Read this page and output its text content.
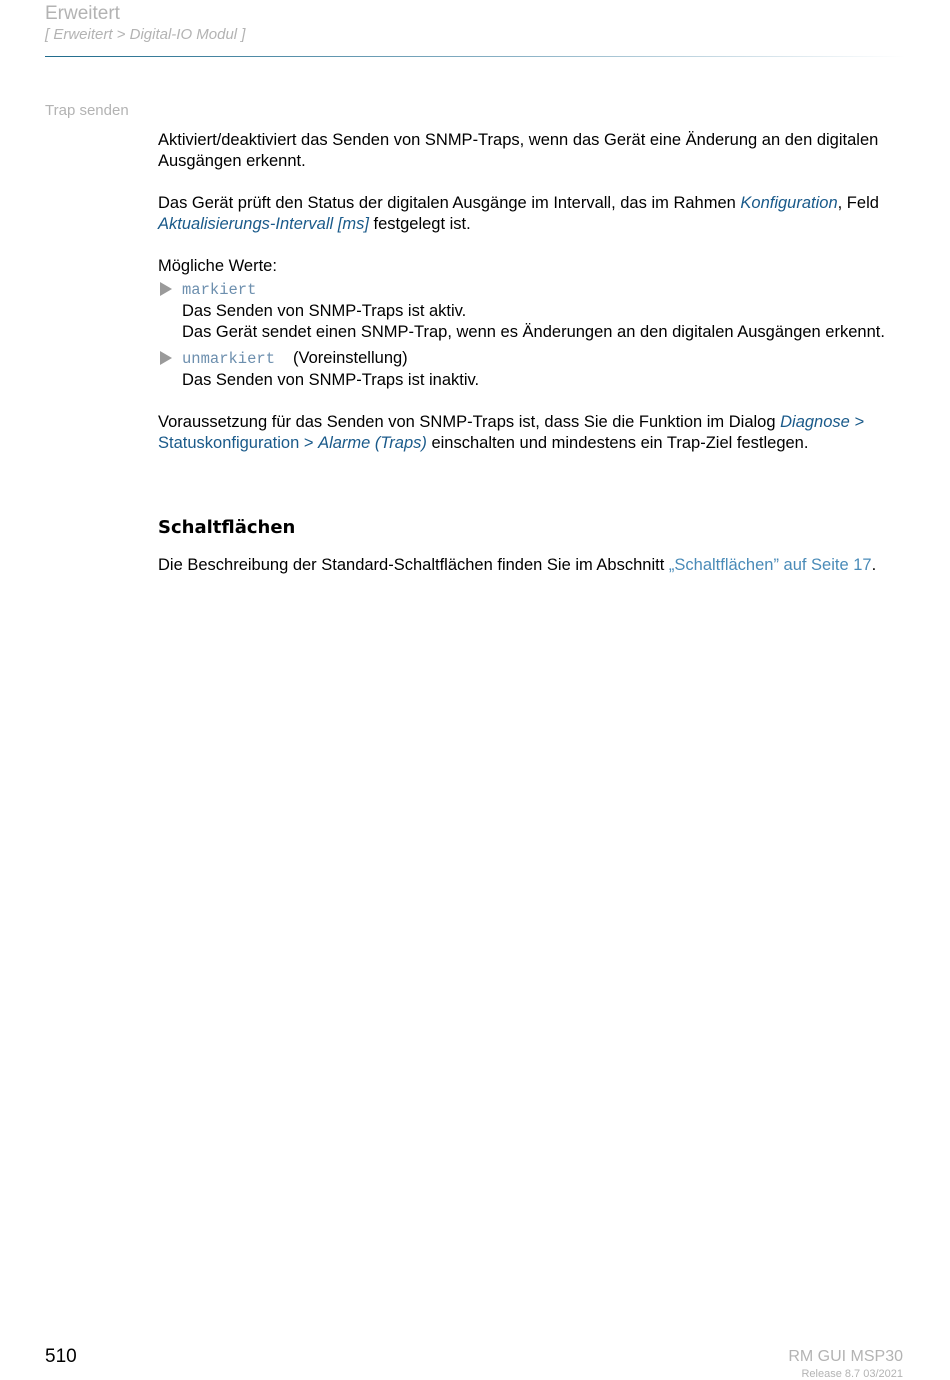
Erweitert
[ Erweitert > Digital-IO Modul ]
Trap senden

Aktiviert/deaktiviert das Senden von SNMP-Traps, wenn das Gerät eine Änderung an den digitalen Ausgängen erkennt.

Das Gerät prüft den Status der digitalen Ausgänge im Intervall, das im Rahmen Konfiguration, Feld
Aktualisierungs-Intervall [ms] festgelegt ist.

Mögliche Werte:

markiert
Das Senden von SNMP-Traps ist aktiv.
Das Gerät sendet einen SNMP-Trap, wenn es Änderungen an den digitalen Ausgängen erkennt.
unmarkiert (Voreinstellung)
Das Senden von SNMP-Traps ist inaktiv.

Voraussetzung für das Senden von SNMP-Traps ist, dass Sie die Funktion im Dialog Diagnose >
Statuskonfiguration > Alarme (Traps) einschalten und mindestens ein Trap-Ziel festlegen.

Schaltflächen

Die Beschreibung der Standard-Schaltflächen finden Sie im Abschnitt „Schaltflächen” auf Seite 17.

510	RM GUI MSP30
Release 8.7 03/2021
